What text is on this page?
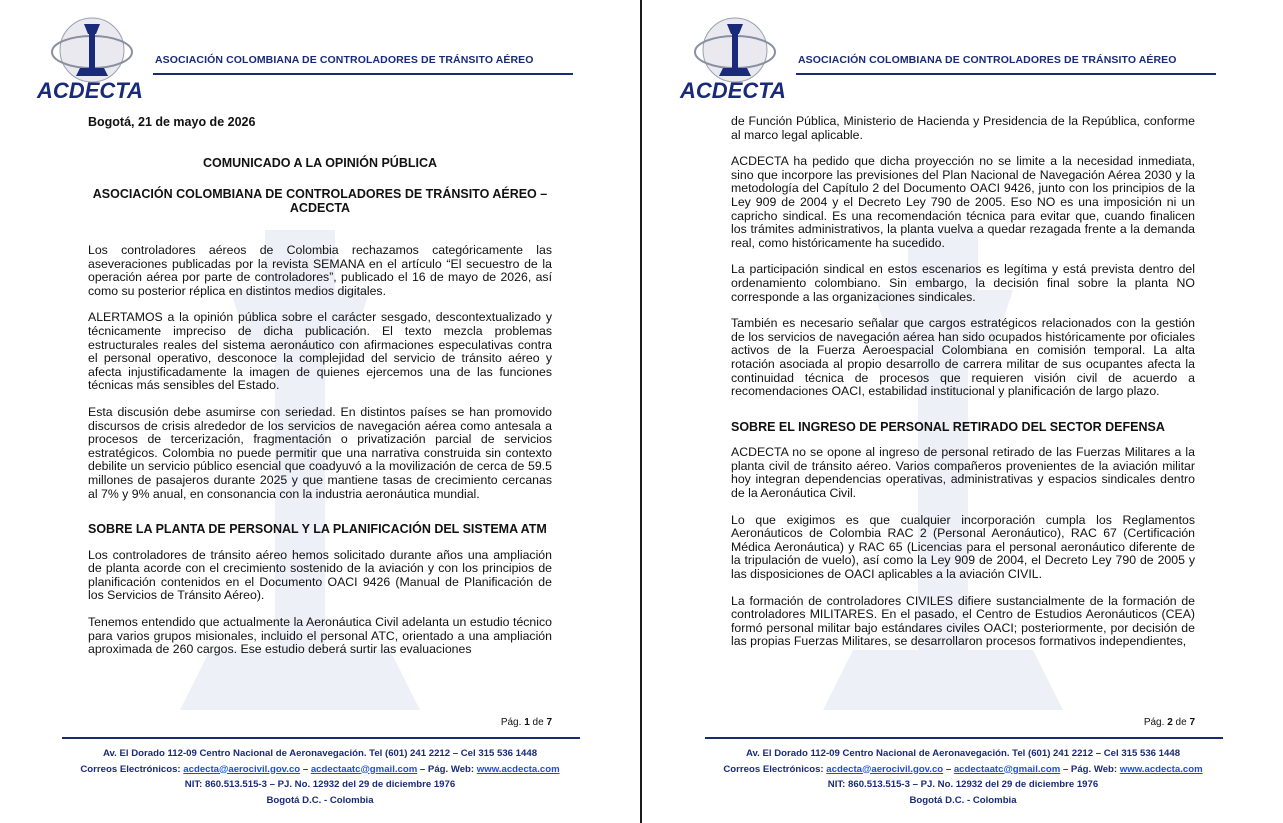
ACDECTA
ASOCIACIÓN COLOMBIANA DE CONTROLADORES DE TRÁNSITO AÉREO
Bogotá, 21 de mayo de 2026
COMUNICADO A LA OPINIÓN PÚBLICA
ASOCIACIÓN COLOMBIANA DE CONTROLADORES DE TRÁNSITO AÉREO –
ACDECTA

Los controladores aéreos de Colombia rechazamos categóricamente las aseveraciones publicadas por la revista SEMANA en el artículo “El secuestro de la operación aérea por parte de controladores”, publicado el 16 de mayo de 2026, así como su posterior réplica en distintos medios digitales.

ALERTAMOS a la opinión pública sobre el carácter sesgado, descontextualizado y técnicamente impreciso de dicha publicación. El texto mezcla problemas estructurales reales del sistema aeronáutico con afirmaciones especulativas contra el personal operativo, desconoce la complejidad del servicio de tránsito aéreo y afecta injustificadamente la imagen de quienes ejercemos una de las funciones técnicas más sensibles del Estado.

Esta discusión debe asumirse con seriedad. En distintos países se han promovido discursos de crisis alrededor de los servicios de navegación aérea como antesala a procesos de tercerización, fragmentación o privatización parcial de servicios estratégicos. Colombia no puede permitir que una narrativa construida sin contexto debilite un servicio público esencial que coadyuvó a la movilización de cerca de 59.5 millones de pasajeros durante 2025 y que mantiene tasas de crecimiento cercanas al 7% y 9% anual, en consonancia con la industria aeronáutica mundial.

SOBRE LA PLANTA DE PERSONAL Y LA PLANIFICACIÓN DEL SISTEMA ATM

Los controladores de tránsito aéreo hemos solicitado durante años una ampliación de planta acorde con el crecimiento sostenido de la aviación y con los principios de planificación contenidos en el Documento OACI 9426 (Manual de Planificación de los Servicios de Tránsito Aéreo).

Tenemos entendido que actualmente la Aeronáutica Civil adelanta un estudio técnico para varios grupos misionales, incluido el personal ATC, orientado a una ampliación aproximada de 260 cargos. Ese estudio deberá surtir las evaluaciones

Pág. 1 de 7
Av. El Dorado 112-09 Centro Nacional de Aeronavegación. Tel (601) 241 2212 – Cel 315 536 1448
Correos Electrónicos: acdecta@aerocivil.gov.co – acdectaatc@gmail.com – Pág. Web: www.acdecta.com
NIT: 860.513.515-3 – PJ. No. 12932 del 29 de diciembre 1976
Bogotá D.C. - Colombia
ACDECTA
ASOCIACIÓN COLOMBIANA DE CONTROLADORES DE TRÁNSITO AÉREO

de Función Pública, Ministerio de Hacienda y Presidencia de la República, conforme al marco legal aplicable.

ACDECTA ha pedido que dicha proyección no se limite a la necesidad inmediata, sino que incorpore las previsiones del Plan Nacional de Navegación Aérea 2030 y la metodología del Capítulo 2 del Documento OACI 9426, junto con los principios de la Ley 909 de 2004 y el Decreto Ley 790 de 2005. Eso NO es una imposición ni un capricho sindical. Es una recomendación técnica para evitar que, cuando finalicen los trámites administrativos, la planta vuelva a quedar rezagada frente a la demanda real, como históricamente ha sucedido.

La participación sindical en estos escenarios es legítima y está prevista dentro del ordenamiento colombiano. Sin embargo, la decisión final sobre la planta NO corresponde a las organizaciones sindicales.

También es necesario señalar que cargos estratégicos relacionados con la gestión de los servicios de navegación aérea han sido ocupados históricamente por oficiales activos de la Fuerza Aeroespacial Colombiana en comisión temporal. La alta rotación asociada al propio desarrollo de carrera militar de sus ocupantes afecta la continuidad técnica de procesos que requieren visión civil de acuerdo a recomendaciones OACI, estabilidad institucional y planificación de largo plazo.

SOBRE EL INGRESO DE PERSONAL RETIRADO DEL SECTOR DEFENSA

ACDECTA no se opone al ingreso de personal retirado de las Fuerzas Militares a la planta civil de tránsito aéreo. Varios compañeros provenientes de la aviación militar hoy integran dependencias operativas, administrativas y espacios sindicales dentro de la Aeronáutica Civil.

Lo que exigimos es que cualquier incorporación cumpla los Reglamentos Aeronáuticos de Colombia RAC 2 (Personal Aeronáutico), RAC 67 (Certificación Médica Aeronáutica) y RAC 65 (Licencias para el personal aeronáutico diferente de la tripulación de vuelo), así como la Ley 909 de 2004, el Decreto Ley 790 de 2005 y las disposiciones de OACI aplicables a la aviación CIVIL.

La formación de controladores CIVILES difiere sustancialmente de la formación de controladores MILITARES. En el pasado, el Centro de Estudios Aeronáuticos (CEA) formó personal militar bajo estándares civiles OACI; posteriormente, por decisión de las propias Fuerzas Militares, se desarrollaron procesos formativos independientes,

Pág. 2 de 7
Av. El Dorado 112-09 Centro Nacional de Aeronavegación. Tel (601) 241 2212 – Cel 315 536 1448
Correos Electrónicos: acdecta@aerocivil.gov.co – acdectaatc@gmail.com – Pág. Web: www.acdecta.com
NIT: 860.513.515-3 – PJ. No. 12932 del 29 de diciembre 1976
Bogotá D.C. - Colombia
